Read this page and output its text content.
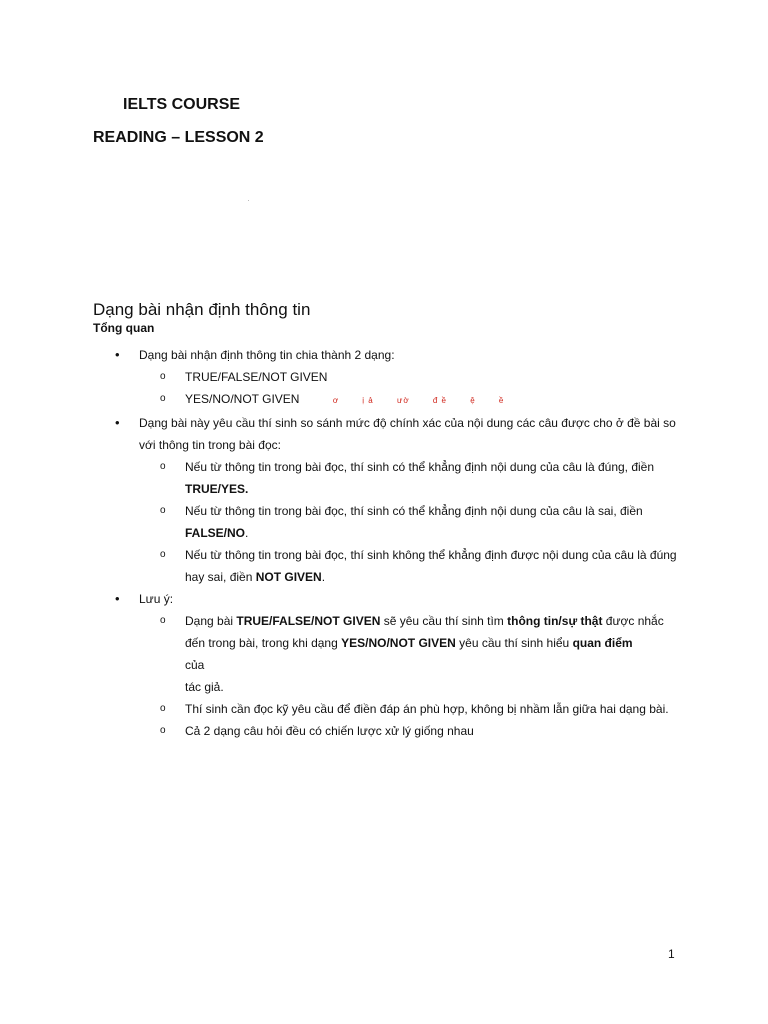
IELTS COURSE
READING – LESSON 2
Dạng bài nhận định thông tin
Tổng quan
• Dạng bài nhận định thông tin chia thành 2 dạng:
o TRUE/FALSE/NOT GIVEN
o YES/NO/NOT GIVEN	ơ	ị ả	ườ	đ ề	ệ	ề
• Dạng bài này yêu cầu thí sinh so sánh mức độ chính xác của nội dung các câu được cho ở đề bài so với thông tin trong bài đọc:
o Nếu từ thông tin trong bài đọc, thí sinh có thể khẳng định nội dung của câu là đúng, điền TRUE/YES.
o Nếu từ thông tin trong bài đọc, thí sinh có thể khẳng định nội dung của câu là sai, điền FALSE/NO.
o Nếu từ thông tin trong bài đọc, thí sinh không thể khẳng định được nội dung của câu là đúng hay sai, điền NOT GIVEN.
• Lưu ý:
o Dạng bài TRUE/FALSE/NOT GIVEN sẽ yêu cầu thí sinh tìm thông tin/sự thật được nhắc
đến trong bài, trong khi dạng YES/NO/NOT GIVEN yêu cầu thí sinh hiểu quan điểm
của
tác giả.
o Thí sinh cần đọc kỹ yêu cầu để điền đáp án phù hợp, không bị nhầm lẫn giữa hai dạng bài.
o Cả 2 dạng câu hỏi đều có chiến lược xử lý giống nhau
1
